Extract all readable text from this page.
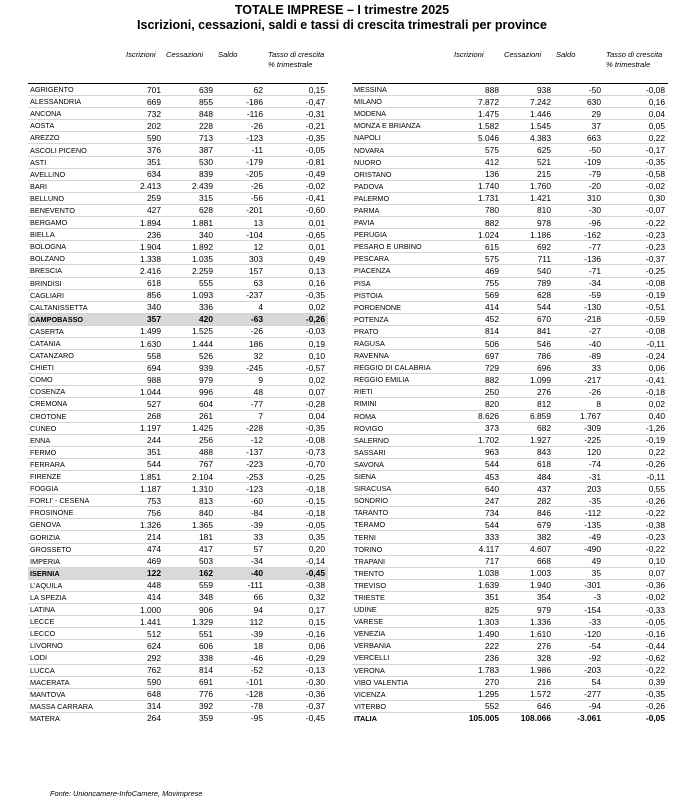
TOTALE IMPRESE – I trimestre 2025
Iscrizioni, cessazioni, saldi e tassi di crescita trimestrali per province
	Iscrizioni	Cessazioni	Saldo	Tasso di crescita % trimestrale
AGRIGENTO	701	639	62	0,15
ALESSANDRIA	669	855	-186	-0,47
ANCONA	732	848	-116	-0,31
AOSTA	202	228	-26	-0,21
AREZZO	590	713	-123	-0,35
ASCOLI PICENO	376	387	-11	-0,05
ASTI	351	530	-179	-0,81
AVELLINO	634	839	-205	-0,49
BARI	2.413	2.439	-26	-0,02
BELLUNO	259	315	-56	-0,41
BENEVENTO	427	628	-201	-0,60
BERGAMO	1.894	1.881	13	0,01
BIELLA	236	340	-104	-0,65
BOLOGNA	1.904	1.892	12	0,01
BOLZANO	1.338	1.035	303	0,49
BRESCIA	2.416	2.259	157	0,13
BRINDISI	618	555	63	0,16
CAGLIARI	856	1.093	-237	-0,35
CALTANISSETTA	340	336	4	0,02
CAMPOBASSO	357	420	-63	-0,26
CASERTA	1.499	1.525	-26	-0,03
CATANIA	1.630	1.444	186	0,19
CATANZARO	558	526	32	0,10
CHIETI	694	939	-245	-0,57
COMO	988	979	9	0,02
COSENZA	1.044	996	48	0,07
CREMONA	527	604	-77	-0,28
CROTONE	268	261	7	0,04
CUNEO	1.197	1.425	-228	-0,35
ENNA	244	256	-12	-0,08
FERMO	351	488	-137	-0,73
FERRARA	544	767	-223	-0,70
FIRENZE	1.851	2.104	-253	-0,25
FOGGIA	1.187	1.310	-123	-0,18
FORLI' - CESENA	753	813	-60	-0,15
FROSINONE	756	840	-84	-0,18
GENOVA	1.326	1.365	-39	-0,05
GORIZIA	214	181	33	0,35
GROSSETO	474	417	57	0,20
IMPERIA	469	503	-34	-0,14
ISERNIA	122	162	-40	-0,45
L'AQUILA	448	559	-111	-0,38
LA SPEZIA	414	348	66	0,32
LATINA	1.000	906	94	0,17
LECCE	1.441	1.329	112	0,15
LECCO	512	551	-39	-0,16
LIVORNO	624	606	18	0,06
LODI	292	338	-46	-0,29
LUCCA	762	814	-52	-0,13
MACERATA	590	691	-101	-0,30
MANTOVA	648	776	-128	-0,36
MASSA CARRARA	314	392	-78	-0,37
MATERA	264	359	-95	-0,45
	Iscrizioni	Cessazioni	Saldo	Tasso di crescita % trimestrale
MESSINA	888	938	-50	-0,08
MILANO	7.872	7.242	630	0,16
MODENA	1.475	1.446	29	0,04
MONZA E BRIANZA	1.582	1.545	37	0,05
NAPOLI	5.046	4.383	663	0,22
NOVARA	575	625	-50	-0,17
NUORO	412	521	-109	-0,35
ORISTANO	136	215	-79	-0,58
PADOVA	1.740	1.760	-20	-0,02
PALERMO	1.731	1.421	310	0,30
PARMA	780	810	-30	-0,07
PAVIA	882	978	-96	-0,22
PERUGIA	1.024	1.186	-162	-0,23
PESARO E URBINO	615	692	-77	-0,23
PESCARA	575	711	-136	-0,37
PIACENZA	469	540	-71	-0,25
PISA	755	789	-34	-0,08
PISTOIA	569	628	-59	-0,19
PORDENONE	414	544	-130	-0,51
POTENZA	452	670	-218	-0,59
PRATO	814	841	-27	-0,08
RAGUSA	506	546	-40	-0,11
RAVENNA	697	786	-89	-0,24
REGGIO DI CALABRIA	729	696	33	0,06
REGGIO EMILIA	882	1.099	-217	-0,41
RIETI	250	276	-26	-0,18
RIMINI	820	812	8	0,02
ROMA	8.626	6.859	1.767	0,40
ROVIGO	373	682	-309	-1,26
SALERNO	1.702	1.927	-225	-0,19
SASSARI	963	843	120	0,22
SAVONA	544	618	-74	-0,26
SIENA	453	484	-31	-0,11
SIRACUSA	640	437	203	0,55
SONDRIO	247	282	-35	-0,26
TARANTO	734	846	-112	-0,22
TERAMO	544	679	-135	-0,38
TERNI	333	382	-49	-0,23
TORINO	4.117	4.607	-490	-0,22
TRAPANI	717	668	49	0,10
TRENTO	1.038	1.003	35	0,07
TREVISO	1.639	1.940	-301	-0,36
TRIESTE	351	354	-3	-0,02
UDINE	825	979	-154	-0,33
VARESE	1.303	1.336	-33	-0,05
VENEZIA	1.490	1.610	-120	-0,16
VERBANIA	222	276	-54	-0,44
VERCELLI	236	328	-92	-0,62
VERONA	1.783	1.986	-203	-0,22
VIBO VALENTIA	270	216	54	0,39
VICENZA	1.295	1.572	-277	-0,35
VITERBO	552	646	-94	-0,26
ITALIA	105.005	108.066	-3.061	-0,05
Fonte: Unioncamere-InfoCamere, Movimprese
